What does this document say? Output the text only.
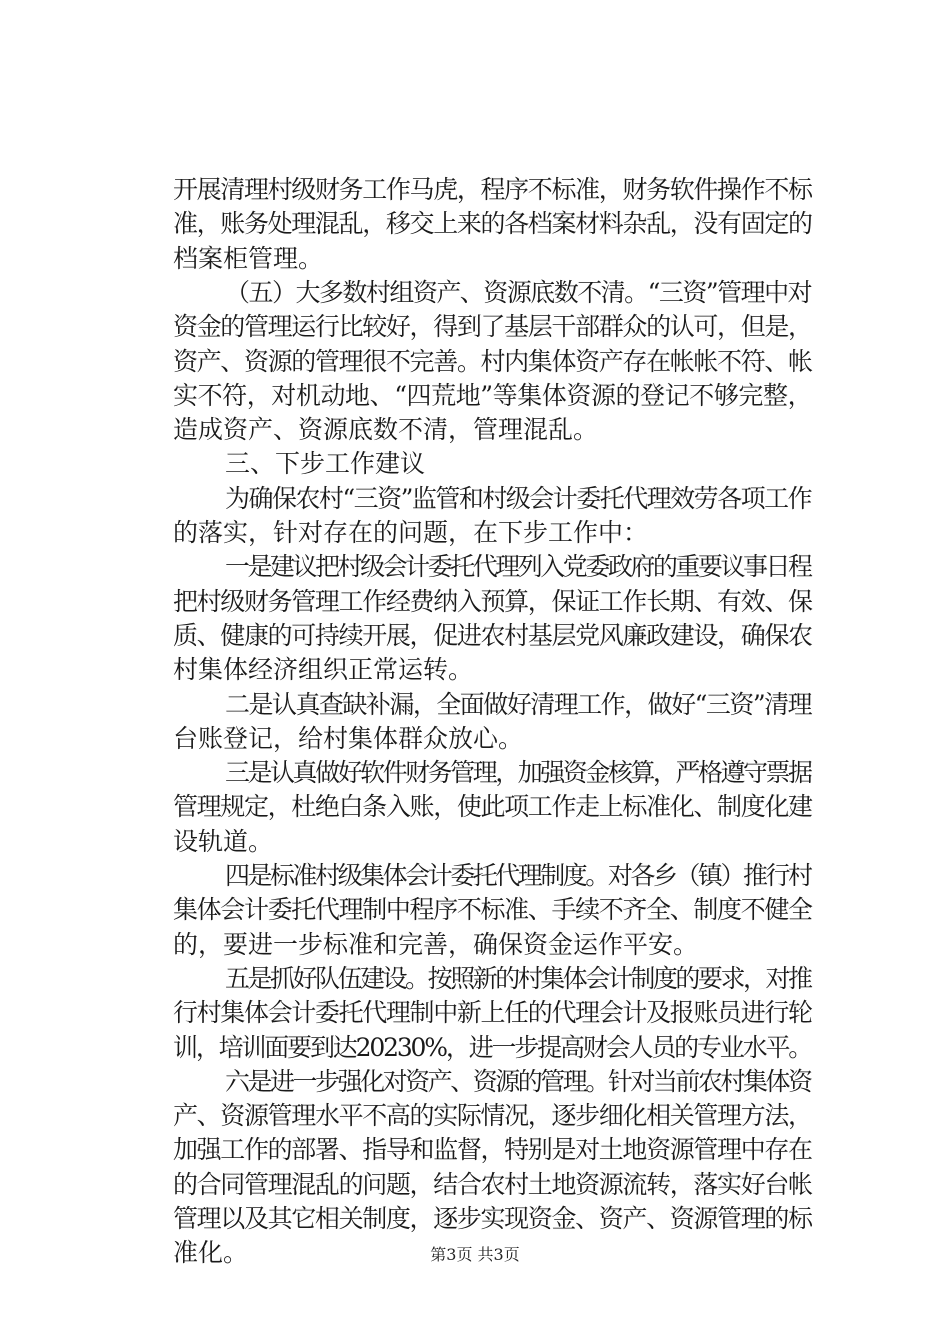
开展清理村级财务工作马虎，程序不标准，财务软件操作不标
准，账务处理混乱，移交上来的各档案材料杂乱，没有固定的
档案柜管理。
（五）大多数村组资产、资源底数不清。“三资”管理中对
资金的管理运行比较好，得到了基层干部群众的认可，但是，
资产、资源的管理很不完善。村内集体资产存在帐帐不符、帐
实不符，对机动地、“四荒地”等集体资源的登记不够完整，
造成资产、资源底数不清，管理混乱。
三、下步工作建议
为确保农村“三资”监管和村级会计委托代理效劳各项工作
的落实，针对存在的问题，在下步工作中：
一是建议把村级会计委托代理列入党委政府的重要议事日程
把村级财务管理工作经费纳入预算，保证工作长期、有效、保
质、健康的可持续开展，促进农村基层党风廉政建设，确保农
村集体经济组织正常运转。
二是认真查缺补漏，全面做好清理工作，做好“三资”清理
台账登记，给村集体群众放心。
三是认真做好软件财务管理，加强资金核算，严格遵守票据
管理规定，杜绝白条入账，使此项工作走上标准化、制度化建
设轨道。
四是标准村级集体会计委托代理制度。对各乡（镇）推行村
集体会计委托代理制中程序不标准、手续不齐全、制度不健全
的，要进一步标准和完善，确保资金运作平安。
五是抓好队伍建设。按照新的村集体会计制度的要求，对推
行村集体会计委托代理制中新上任的代理会计及报账员进行轮
训，培训面要到达20230%，进一步提高财会人员的专业水平。
六是进一步强化对资产、资源的管理。针对当前农村集体资
产、资源管理水平不高的实际情况，逐步细化相关管理方法，
加强工作的部署、指导和监督，特别是对土地资源管理中存在
的合同管理混乱的问题，结合农村土地资源流转，落实好台帐
管理以及其它相关制度，逐步实现资金、资产、资源管理的标
准化。	第3页 共3页
